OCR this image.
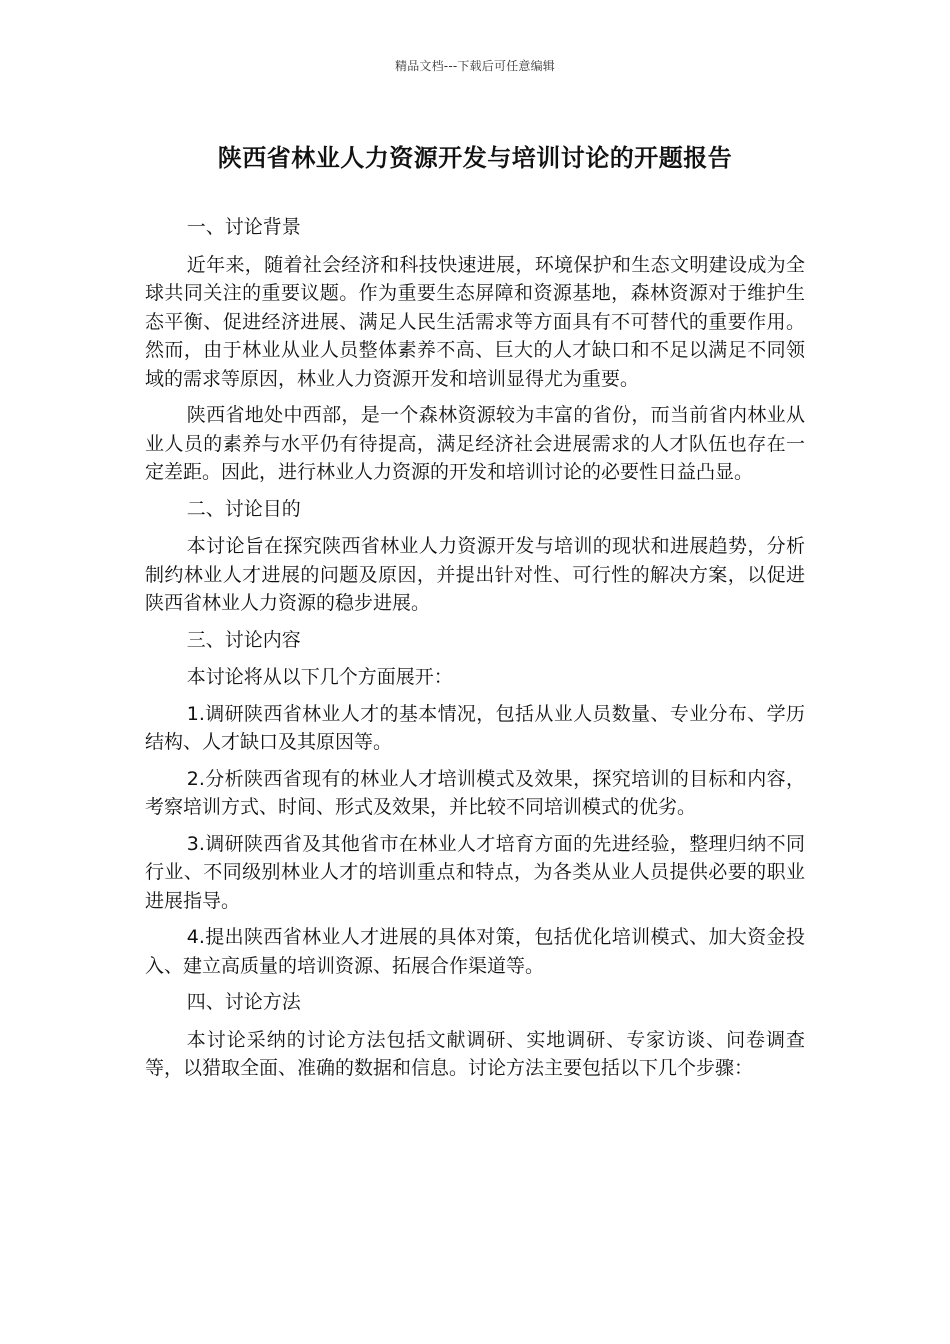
精品文档---下载后可任意编辑
陕西省林业人力资源开发与培训讨论的开题报告

一、讨论背景

近年来，随着社会经济和科技快速进展，环境保护和生态文明建设成为全球共同关注的重要议题。作为重要生态屏障和资源基地，森林资源对于维护生态平衡、促进经济进展、满足人民生活需求等方面具有不可替代的重要作用。然而，由于林业从业人员整体素养不高、巨大的人才缺口和不足以满足不同领域的需求等原因，林业人力资源开发和培训显得尤为重要。

陕西省地处中西部，是一个森林资源较为丰富的省份，而当前省内林业从业人员的素养与水平仍有待提高，满足经济社会进展需求的人才队伍也存在一定差距。因此，进行林业人力资源的开发和培训讨论的必要性日益凸显。

二、讨论目的

本讨论旨在探究陕西省林业人力资源开发与培训的现状和进展趋势，分析制约林业人才进展的问题及原因，并提出针对性、可行性的解决方案，以促进陕西省林业人力资源的稳步进展。

三、讨论内容

本讨论将从以下几个方面展开：

1.调研陕西省林业人才的基本情况，包括从业人员数量、专业分布、学历结构、人才缺口及其原因等。

2.分析陕西省现有的林业人才培训模式及效果，探究培训的目标和内容，考察培训方式、时间、形式及效果，并比较不同培训模式的优劣。

3.调研陕西省及其他省市在林业人才培育方面的先进经验，整理归纳不同行业、不同级别林业人才的培训重点和特点，为各类从业人员提供必要的职业进展指导。

4.提出陕西省林业人才进展的具体对策，包括优化培训模式、加大资金投入、建立高质量的培训资源、拓展合作渠道等。

四、讨论方法

本讨论采纳的讨论方法包括文献调研、实地调研、专家访谈、问卷调查等，以猎取全面、准确的数据和信息。讨论方法主要包括以下几个步骤：
